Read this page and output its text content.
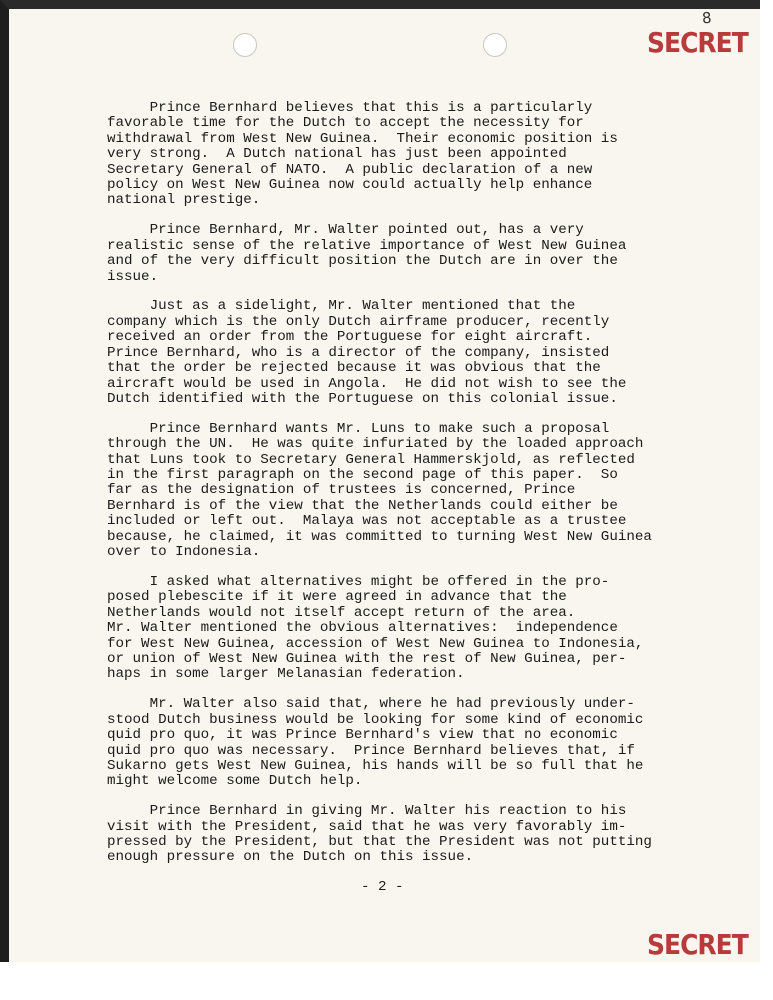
8
SECRET

Prince Bernhard believes that this is a particularly
favorable time for the Dutch to accept the necessity for
withdrawal from West New Guinea.  Their economic position is
very strong.  A Dutch national has just been appointed
Secretary General of NATO.  A public declaration of a new
policy on West New Guinea now could actually help enhance
national prestige.

Prince Bernhard, Mr. Walter pointed out, has a very
realistic sense of the relative importance of West New Guinea
and of the very difficult position the Dutch are in over the
issue.

Just as a sidelight, Mr. Walter mentioned that the
company which is the only Dutch airframe producer, recently
received an order from the Portuguese for eight aircraft.
Prince Bernhard, who is a director of the company, insisted
that the order be rejected because it was obvious that the
aircraft would be used in Angola.  He did not wish to see the
Dutch identified with the Portuguese on this colonial issue.

Prince Bernhard wants Mr. Luns to make such a proposal
through the UN.  He was quite infuriated by the loaded approach
that Luns took to Secretary General Hammerskjold, as reflected
in the first paragraph on the second page of this paper.  So
far as the designation of trustees is concerned, Prince
Bernhard is of the view that the Netherlands could either be
included or left out.  Malaya was not acceptable as a trustee
because, he claimed, it was committed to turning West New Guinea
over to Indonesia.

I asked what alternatives might be offered in the pro-
posed plebescite if it were agreed in advance that the
Netherlands would not itself accept return of the area.
Mr. Walter mentioned the obvious alternatives:  independence
for West New Guinea, accession of West New Guinea to Indonesia,
or union of West New Guinea with the rest of New Guinea, per-
haps in some larger Melanasian federation.

Mr. Walter also said that, where he had previously under-
stood Dutch business would be looking for some kind of economic
quid pro quo, it was Prince Bernhard's view that no economic
quid pro quo was necessary.  Prince Bernhard believes that, if
Sukarno gets West New Guinea, his hands will be so full that he
might welcome some Dutch help.

Prince Bernhard in giving Mr. Walter his reaction to his
visit with the President, said that he was very favorably im-
pressed by the President, but that the President was not putting
enough pressure on the Dutch on this issue.

- 2 -
SECRET
